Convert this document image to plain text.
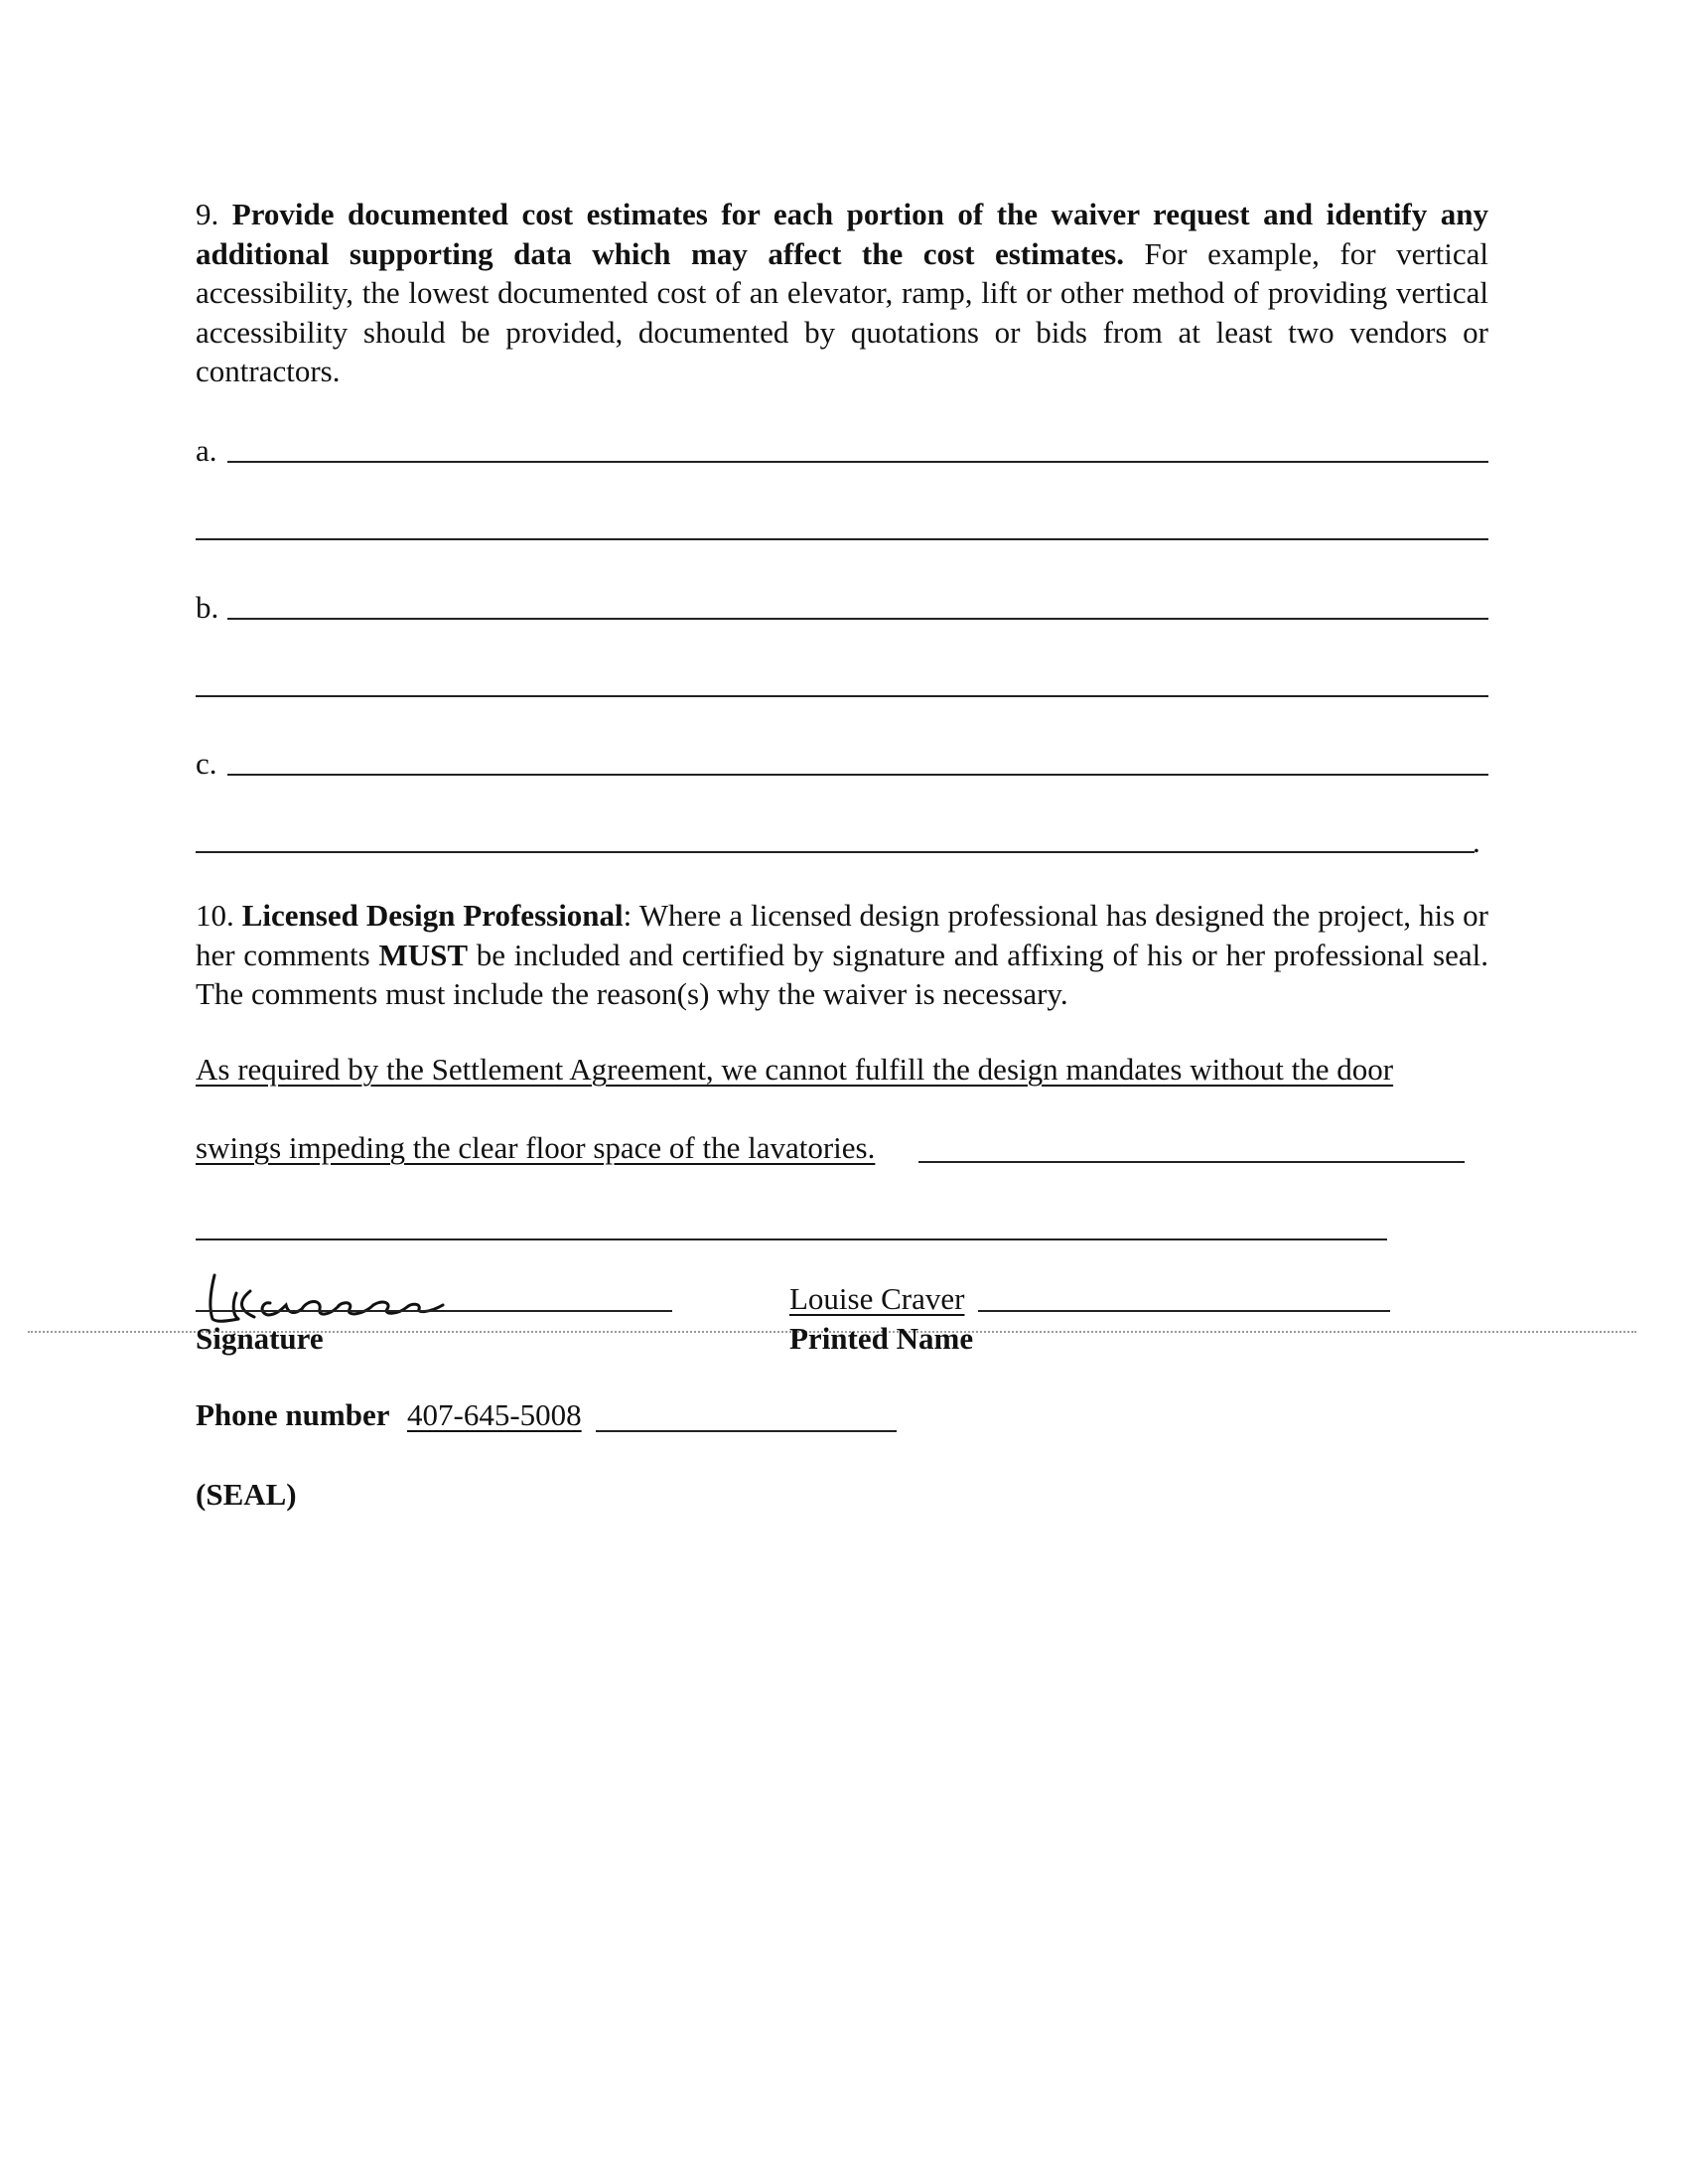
9. Provide documented cost estimates for each portion of the waiver request and identify any additional supporting data which may affect the cost estimates. For example, for vertical accessibility, the lowest documented cost of an elevator, ramp, lift or other method of providing vertical accessibility should be provided, documented by quotations or bids from at least two vendors or contractors.
a.
b.
c.
.
10. Licensed Design Professional: Where a licensed design professional has designed the project, his or her comments MUST be included and certified by signature and affixing of his or her professional seal. The comments must include the reason(s) why the waiver is necessary.
As required by the Settlement Agreement, we cannot fulfill the design mandates without the door
swings impeding the clear floor space of the lavatories.
LKCraven
Louise Craver
Signature	Printed Name
Phone number 407-645-5008
(SEAL)
